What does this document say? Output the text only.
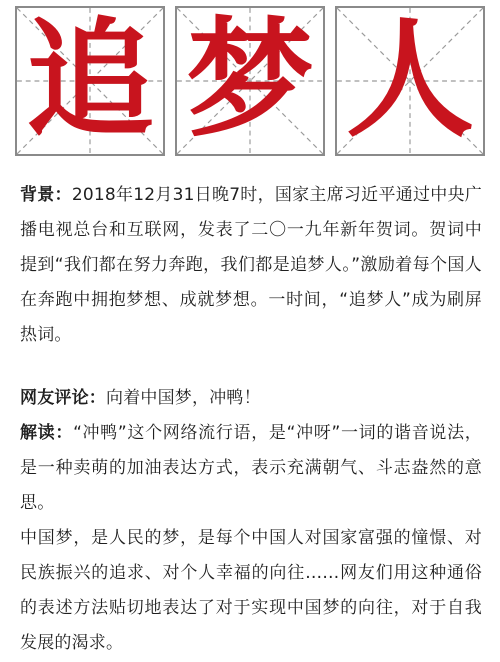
追 梦 人

背景：2018年12月31日晚7时，国家主席习近平通过中央广播电视总台和互联网，发表了二〇一九年新年贺词。贺词中提到“我们都在努力奔跑，我们都是追梦人。”激励着每个国人在奔跑中拥抱梦想、成就梦想。一时间，“追梦人”成为刷屏热词。

网友评论：向着中国梦，冲鸭！

解读：“冲鸭”这个网络流行语，是“冲呀”一词的谐音说法，是一种卖萌的加油表达方式，表示充满朝气、斗志盎然的意思。

中国梦，是人民的梦，是每个中国人对国家富强的憧憬、对民族振兴的追求、对个人幸福的向往……网友们用这种通俗的表述方法贴切地表达了对于实现中国梦的向往，对于自我发展的渴求。
